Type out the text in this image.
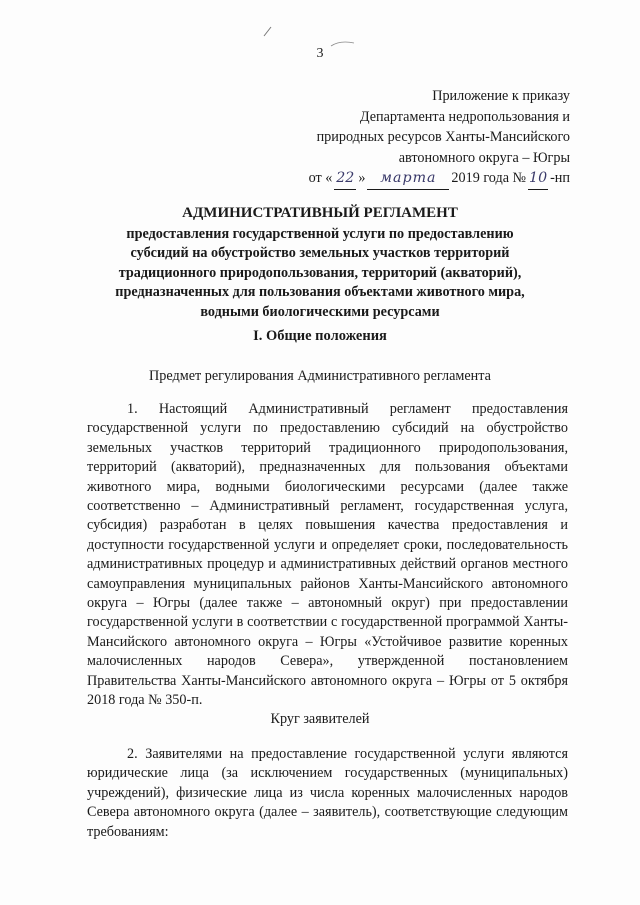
3
Приложение к приказу
Департамента недропользования и
природных ресурсов Ханты-Мансийского
автономного округа – Югры
от « 22 »	марта	2019 года № 10 -нп
АДМИНИСТРАТИВНЫЙ РЕГЛАМЕНТ
предоставления государственной услуги по предоставлению
субсидий на обустройство земельных участков территорий
традиционного природопользования, территорий (акваторий),
предназначенных для пользования объектами животного мира,
водными биологическими ресурсами
I. Общие положения
Предмет регулирования Административного регламента
1. Настоящий Административный регламент предоставления государственной услуги по предоставлению субсидий на обустройство земельных участков территорий традиционного природопользования, территорий (акваторий), предназначенных для пользования объектами животного мира, водными биологическими ресурсами (далее также соответственно – Административный регламент, государственная услуга, субсидия) разработан в целях повышения качества предоставления и доступности государственной услуги и определяет сроки, последовательность административных процедур и административных действий органов местного самоуправления муниципальных районов Ханты-Мансийского автономного округа – Югры (далее также – автономный округ) при предоставлении государственной услуги в соответствии с государственной программой Ханты-Мансийского автономного округа – Югры «Устойчивое развитие коренных малочисленных народов Севера», утвержденной постановлением Правительства Ханты-Мансийского автономного округа – Югры от 5 октября 2018 года № 350-п.
Круг заявителей
2. Заявителями на предоставление государственной услуги являются юридические лица (за исключением государственных (муниципальных) учреждений), физические лица из числа коренных малочисленных народов Севера автономного округа (далее – заявитель), соответствующие следующим требованиям:
